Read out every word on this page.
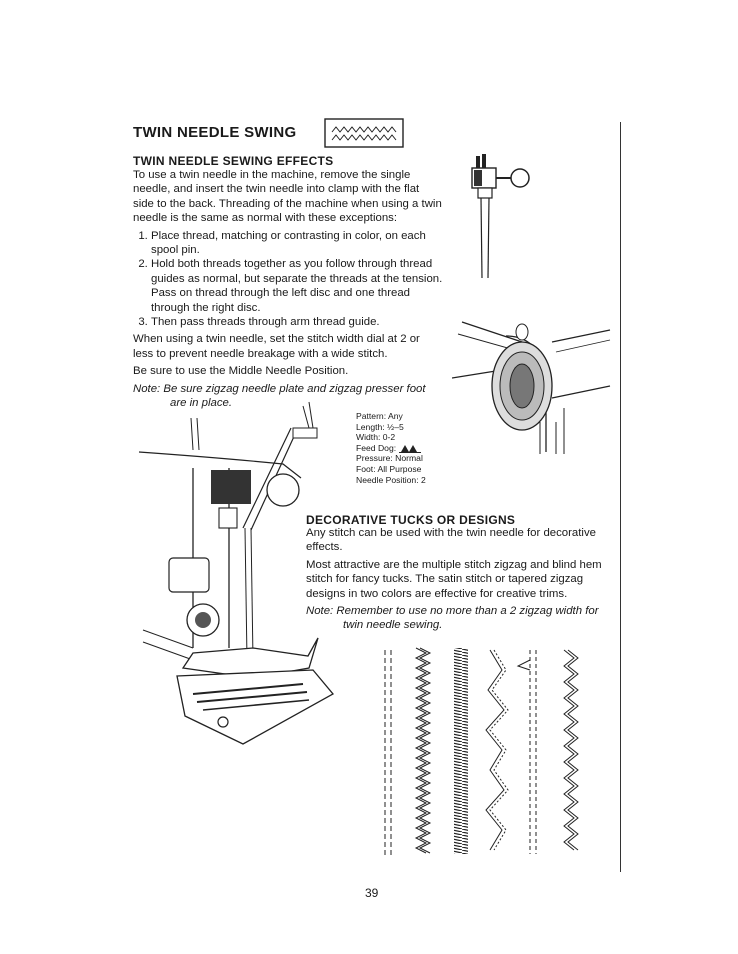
TWIN NEEDLE SWING
TWIN NEEDLE SEWING EFFECTS

To use a twin needle in the machine, remove the single needle, and insert the twin needle into clamp with the flat side to the back. Threading of the machine when using a twin needle is the same as normal with these exceptions:

1. Place thread, matching or contrasting in color, on each spool pin.
2. Hold both threads together as you follow through thread guides as normal, but separate the threads at the tension. Pass on thread through the left disc and one thread through the right disc.
3. Then pass threads through arm thread guide.

When using a twin needle, set the stitch width dial at 2 or less to prevent needle breakage with a wide stitch.

Be sure to use the Middle Needle Position.

Note: Be sure zigzag needle plate and zigzag presser foot are in place.

Pattern: Any
Length: ½–5
Width: 0-2
Feed Dog:
Pressure: Normal
Foot: All Purpose
Needle Position: 2
DECORATIVE TUCKS OR DESIGNS

Any stitch can be used with the twin needle for decorative effects.

Most attractive are the multiple stitch zigzag and blind hem stitch for fancy tucks. The satin stitch or tapered zigzag designs in two colors are effective for creative trims.

Note: Remember to use no more than a 2 zigzag width for twin needle sewing.

39
